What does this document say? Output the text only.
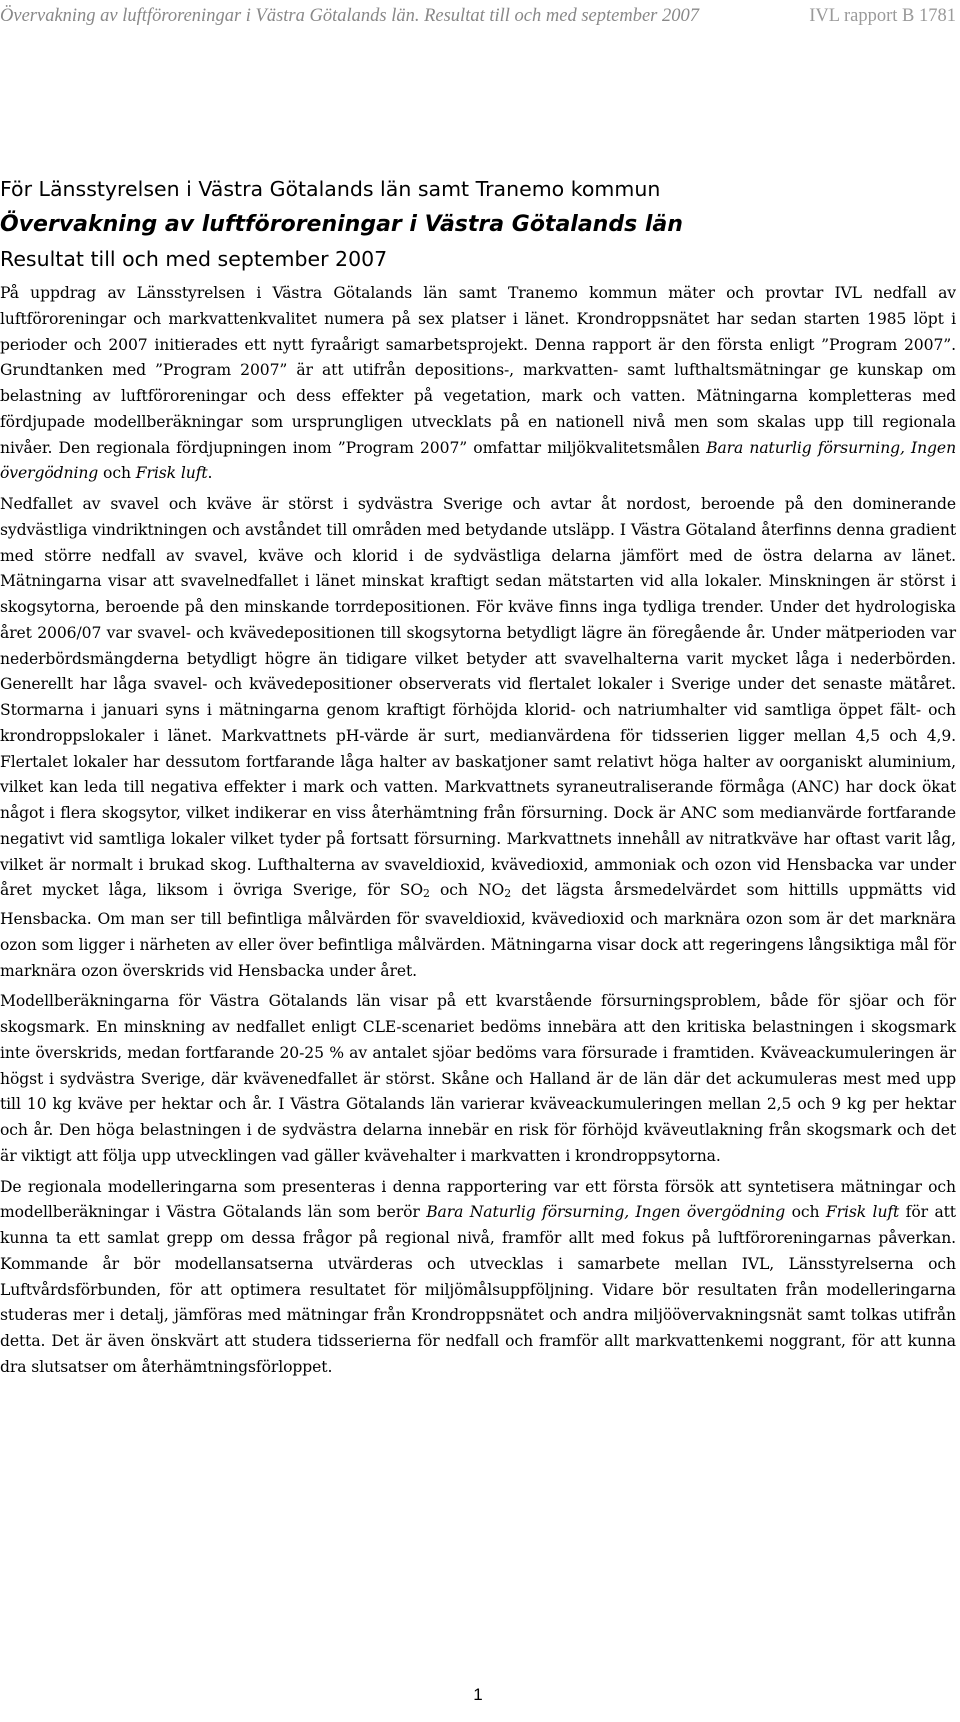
Övervakning av luftföroreningar i Västra Götalands län. Resultat till och med september 2007	IVL rapport B 1781
För Länsstyrelsen i Västra Götalands län samt Tranemo kommun
Övervakning av luftföroreningar i Västra Götalands län
Resultat till och med september 2007

På uppdrag av Länsstyrelsen i Västra Götalands län samt Tranemo kommun mäter och provtar IVL nedfall av luftföroreningar och markvattenkvalitet numera på sex platser i länet. Krondroppsnätet har sedan starten 1985 löpt i perioder och 2007 initierades ett nytt fyraårigt samarbetsprojekt. Denna rapport är den första enligt ”Program 2007”. Grundtanken med ”Program 2007” är att utifrån depositions-, markvatten- samt lufthaltsmätningar ge kunskap om belastning av luftföroreningar och dess effekter på vegetation, mark och vatten. Mätningarna kompletteras med fördjupade modellberäkningar som ursprungligen utvecklats på en nationell nivå men som skalas upp till regionala nivåer. Den regionala fördjupningen inom ”Program 2007” omfattar miljökvalitetsmålen Bara naturlig försurning, Ingen övergödning och Frisk luft.

Nedfallet av svavel och kväve är störst i sydvästra Sverige och avtar åt nordost, beroende på den dominerande sydvästliga vindriktningen och avståndet till områden med betydande utsläpp. I Västra Götaland återfinns denna gradient med större nedfall av svavel, kväve och klorid i de sydvästliga delarna jämfört med de östra delarna av länet. Mätningarna visar att svavelnedfallet i länet minskat kraftigt sedan mätstarten vid alla lokaler. Minskningen är störst i skogsytorna, beroende på den minskande torrdepositionen. För kväve finns inga tydliga trender. Under det hydrologiska året 2006/07 var svavel- och kvävedepositionen till skogsytorna betydligt lägre än föregående år. Under mätperioden var nederbördsmängderna betydligt högre än tidigare vilket betyder att svavelhalterna varit mycket låga i nederbörden. Generellt har låga svavel- och kvävedepositioner observerats vid flertalet lokaler i Sverige under det senaste mätåret. Stormarna i januari syns i mätningarna genom kraftigt förhöjda klorid- och natriumhalter vid samtliga öppet fält- och krondroppslokaler i länet. Markvattnets pH-värde är surt, medianvärdena för tidsserien ligger mellan 4,5 och 4,9. Flertalet lokaler har dessutom fortfarande låga halter av baskatjoner samt relativt höga halter av oorganiskt aluminium, vilket kan leda till negativa effekter i mark och vatten. Markvattnets syraneutraliserande förmåga (ANC) har dock ökat något i flera skogsytor, vilket indikerar en viss återhämtning från försurning. Dock är ANC som medianvärde fortfarande negativt vid samtliga lokaler vilket tyder på fortsatt försurning. Markvattnets innehåll av nitratkväve har oftast varit låg, vilket är normalt i brukad skog. Lufthalterna av svaveldioxid, kvävedioxid, ammoniak och ozon vid Hensbacka var under året mycket låga, liksom i övriga Sverige, för $SO_2$ och $NO_2$ det lägsta årsmedelvärdet som hittills uppmätts vid Hensbacka. Om man ser till befintliga målvärden för svaveldioxid, kvävedioxid och marknära ozon som är det marknära ozon som ligger i närheten av eller över befintliga målvärden. Mätningarna visar dock att regeringens långsiktiga mål för marknära ozon överskrids vid Hensbacka under året.

Modellberäkningarna för Västra Götalands län visar på ett kvarstående försurningsproblem, både för sjöar och för skogsmark. En minskning av nedfallet enligt CLE-scenariet bedöms innebära att den kritiska belastningen i skogsmark inte överskrids, medan fortfarande 20-25 % av antalet sjöar bedöms vara försurade i framtiden. Kväveackumuleringen är högst i sydvästra Sverige, där kvävenedfallet är störst. Skåne och Halland är de län där det ackumuleras mest med upp till 10 kg kväve per hektar och år. I Västra Götalands län varierar kväveackumuleringen mellan 2,5 och 9 kg per hektar och år. Den höga belastningen i de sydvästra delarna innebär en risk för förhöjd kväveutlakning från skogsmark och det är viktigt att följa upp utvecklingen vad gäller kvävehalter i markvatten i krondroppsytorna.

De regionala modelleringarna som presenteras i denna rapportering var ett första försök att syntetisera mätningar och modellberäkningar i Västra Götalands län som berör Bara Naturlig försurning, Ingen övergödning och Frisk luft för att kunna ta ett samlat grepp om dessa frågor på regional nivå, framför allt med fokus på luftföroreningarnas påverkan. Kommande år bör modellansatserna utvärderas och utvecklas i samarbete mellan IVL, Länsstyrelserna och Luftvårdsförbunden, för att optimera resultatet för miljömålsuppföljning. Vidare bör resultaten från modelleringarna studeras mer i detalj, jämföras med mätningar från Krondroppsnätet och andra miljöövervakningsnät samt tolkas utifrån detta. Det är även önskvärt att studera tidsserierna för nedfall och framför allt markvattenkemi noggrant, för att kunna dra slutsatser om återhämtningsförloppet.

1
